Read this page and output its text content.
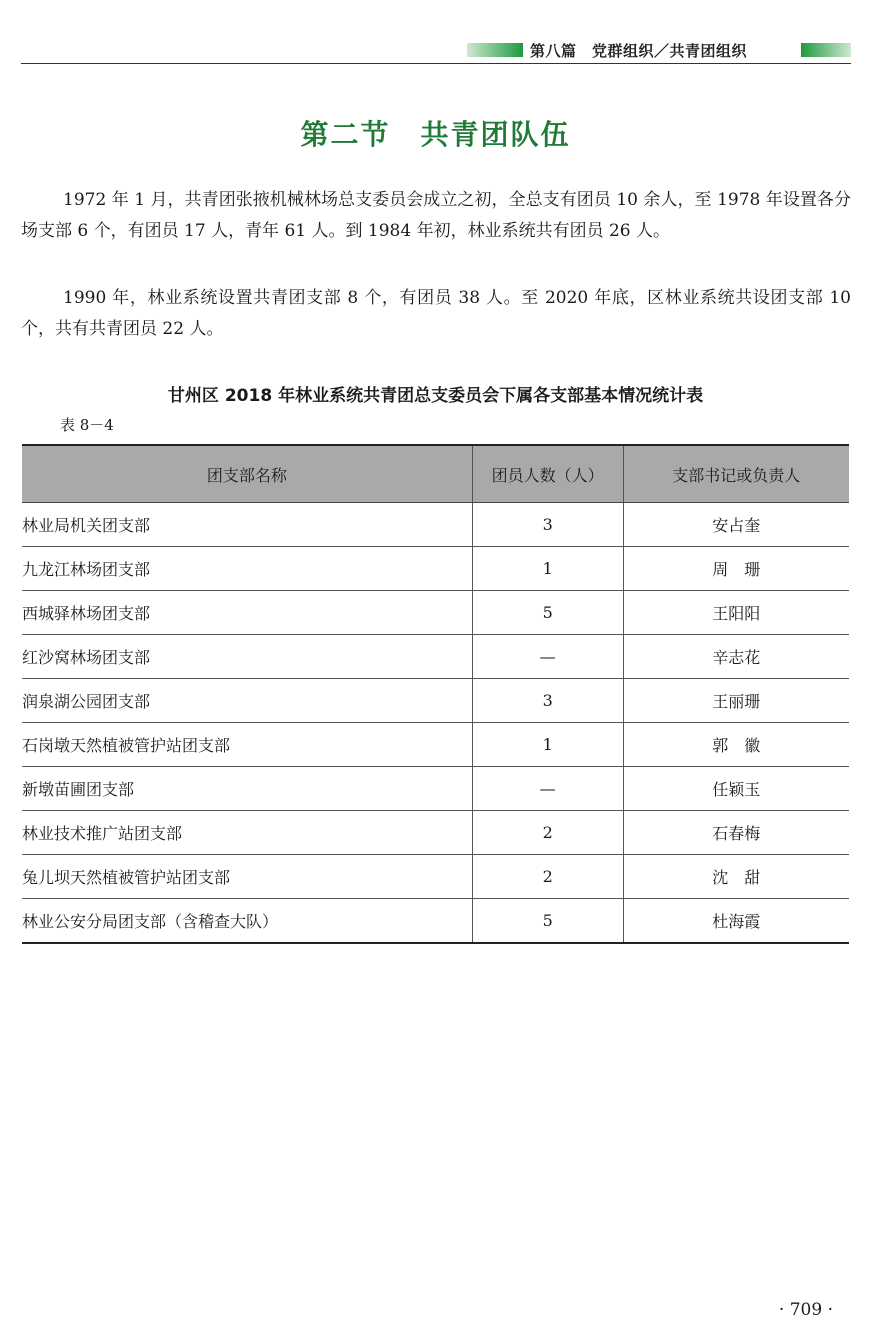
第八篇　党群组织／共青团组织
第二节　共青团队伍

1972 年 1 月，共青团张掖机械林场总支委员会成立之初，全总支有团员 10 余人，至 1978 年设置各分场支部 6 个，有团员 17 人，青年 61 人。到 1984 年初，林业系统共有团员 26 人。

1990 年，林业系统设置共青团支部 8 个，有团员 38 人。至 2020 年底，区林业系统共设团支部 10 个，共有共青团员 22 人。

甘州区 2018 年林业系统共青团总支委员会下属各支部基本情况统计表
表 8－4
团支部名称	团员人数（人）	支部书记或负责人
林业局机关团支部	3	安占奎
九龙江林场团支部	1	周　珊
西城驿林场团支部	5	王阳阳
红沙窝林场团支部	—	辛志花
润泉湖公园团支部	3	王丽珊
石岗墩天然植被管护站团支部	1	郭　徽
新墩苗圃团支部	—	任颖玉
林业技术推广站团支部	2	石春梅
兔儿坝天然植被管护站团支部	2	沈　甜
林业公安分局团支部（含稽查大队）	5	杜海霞
· 709 ·
